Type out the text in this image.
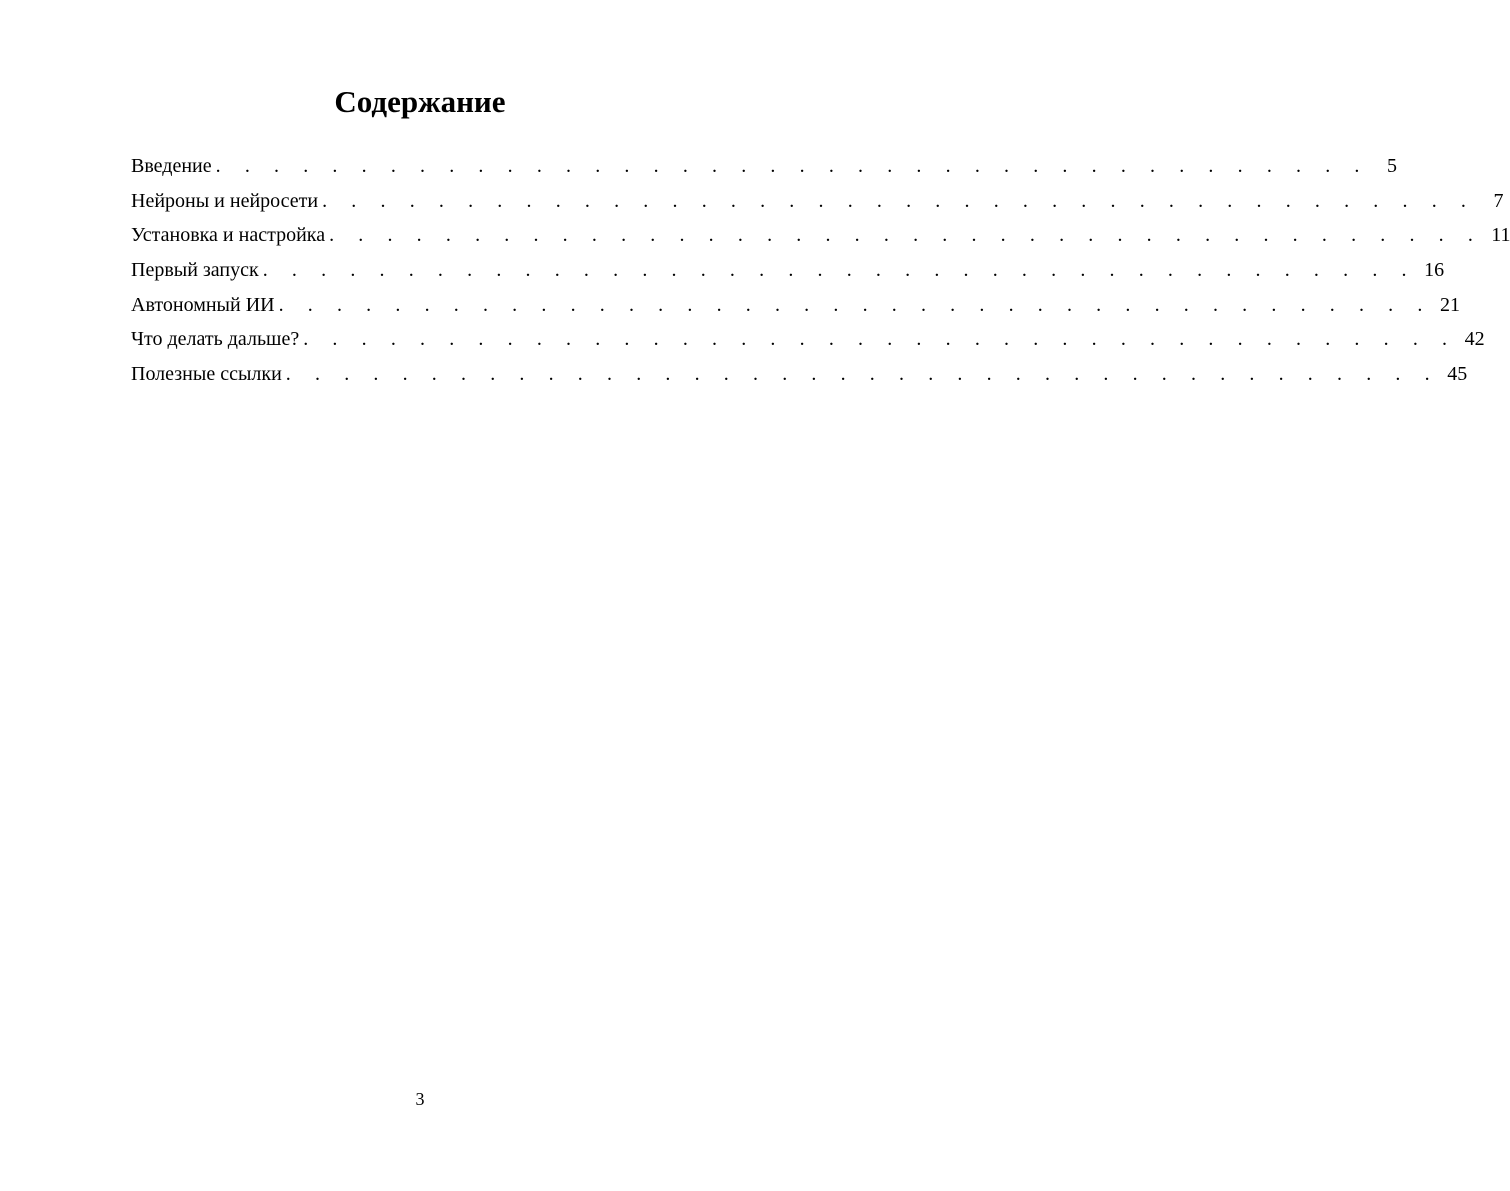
Содержание
Введение . . . . . . . . . . . . . . . . . . . . . . . . . . . . . . . . . . . . . . . . 5
Нейроны и нейросети . . . . . . . . . . . . . . . . . . . . . . . . . . . . . . . . . . . . . . . . 7
Установка и настройка . . . . . . . . . . . . . . . . . . . . . . . . . . . . . . . . . . . . . . . . 11
Первый запуск . . . . . . . . . . . . . . . . . . . . . . . . . . . . . . . . . . . . . . . . 16
Автономный ИИ . . . . . . . . . . . . . . . . . . . . . . . . . . . . . . . . . . . . . . . . 21
Что делать дальше? . . . . . . . . . . . . . . . . . . . . . . . . . . . . . . . . . . . . . . . . 42
Полезные ссылки . . . . . . . . . . . . . . . . . . . . . . . . . . . . . . . . . . . . . . . . 45
3
